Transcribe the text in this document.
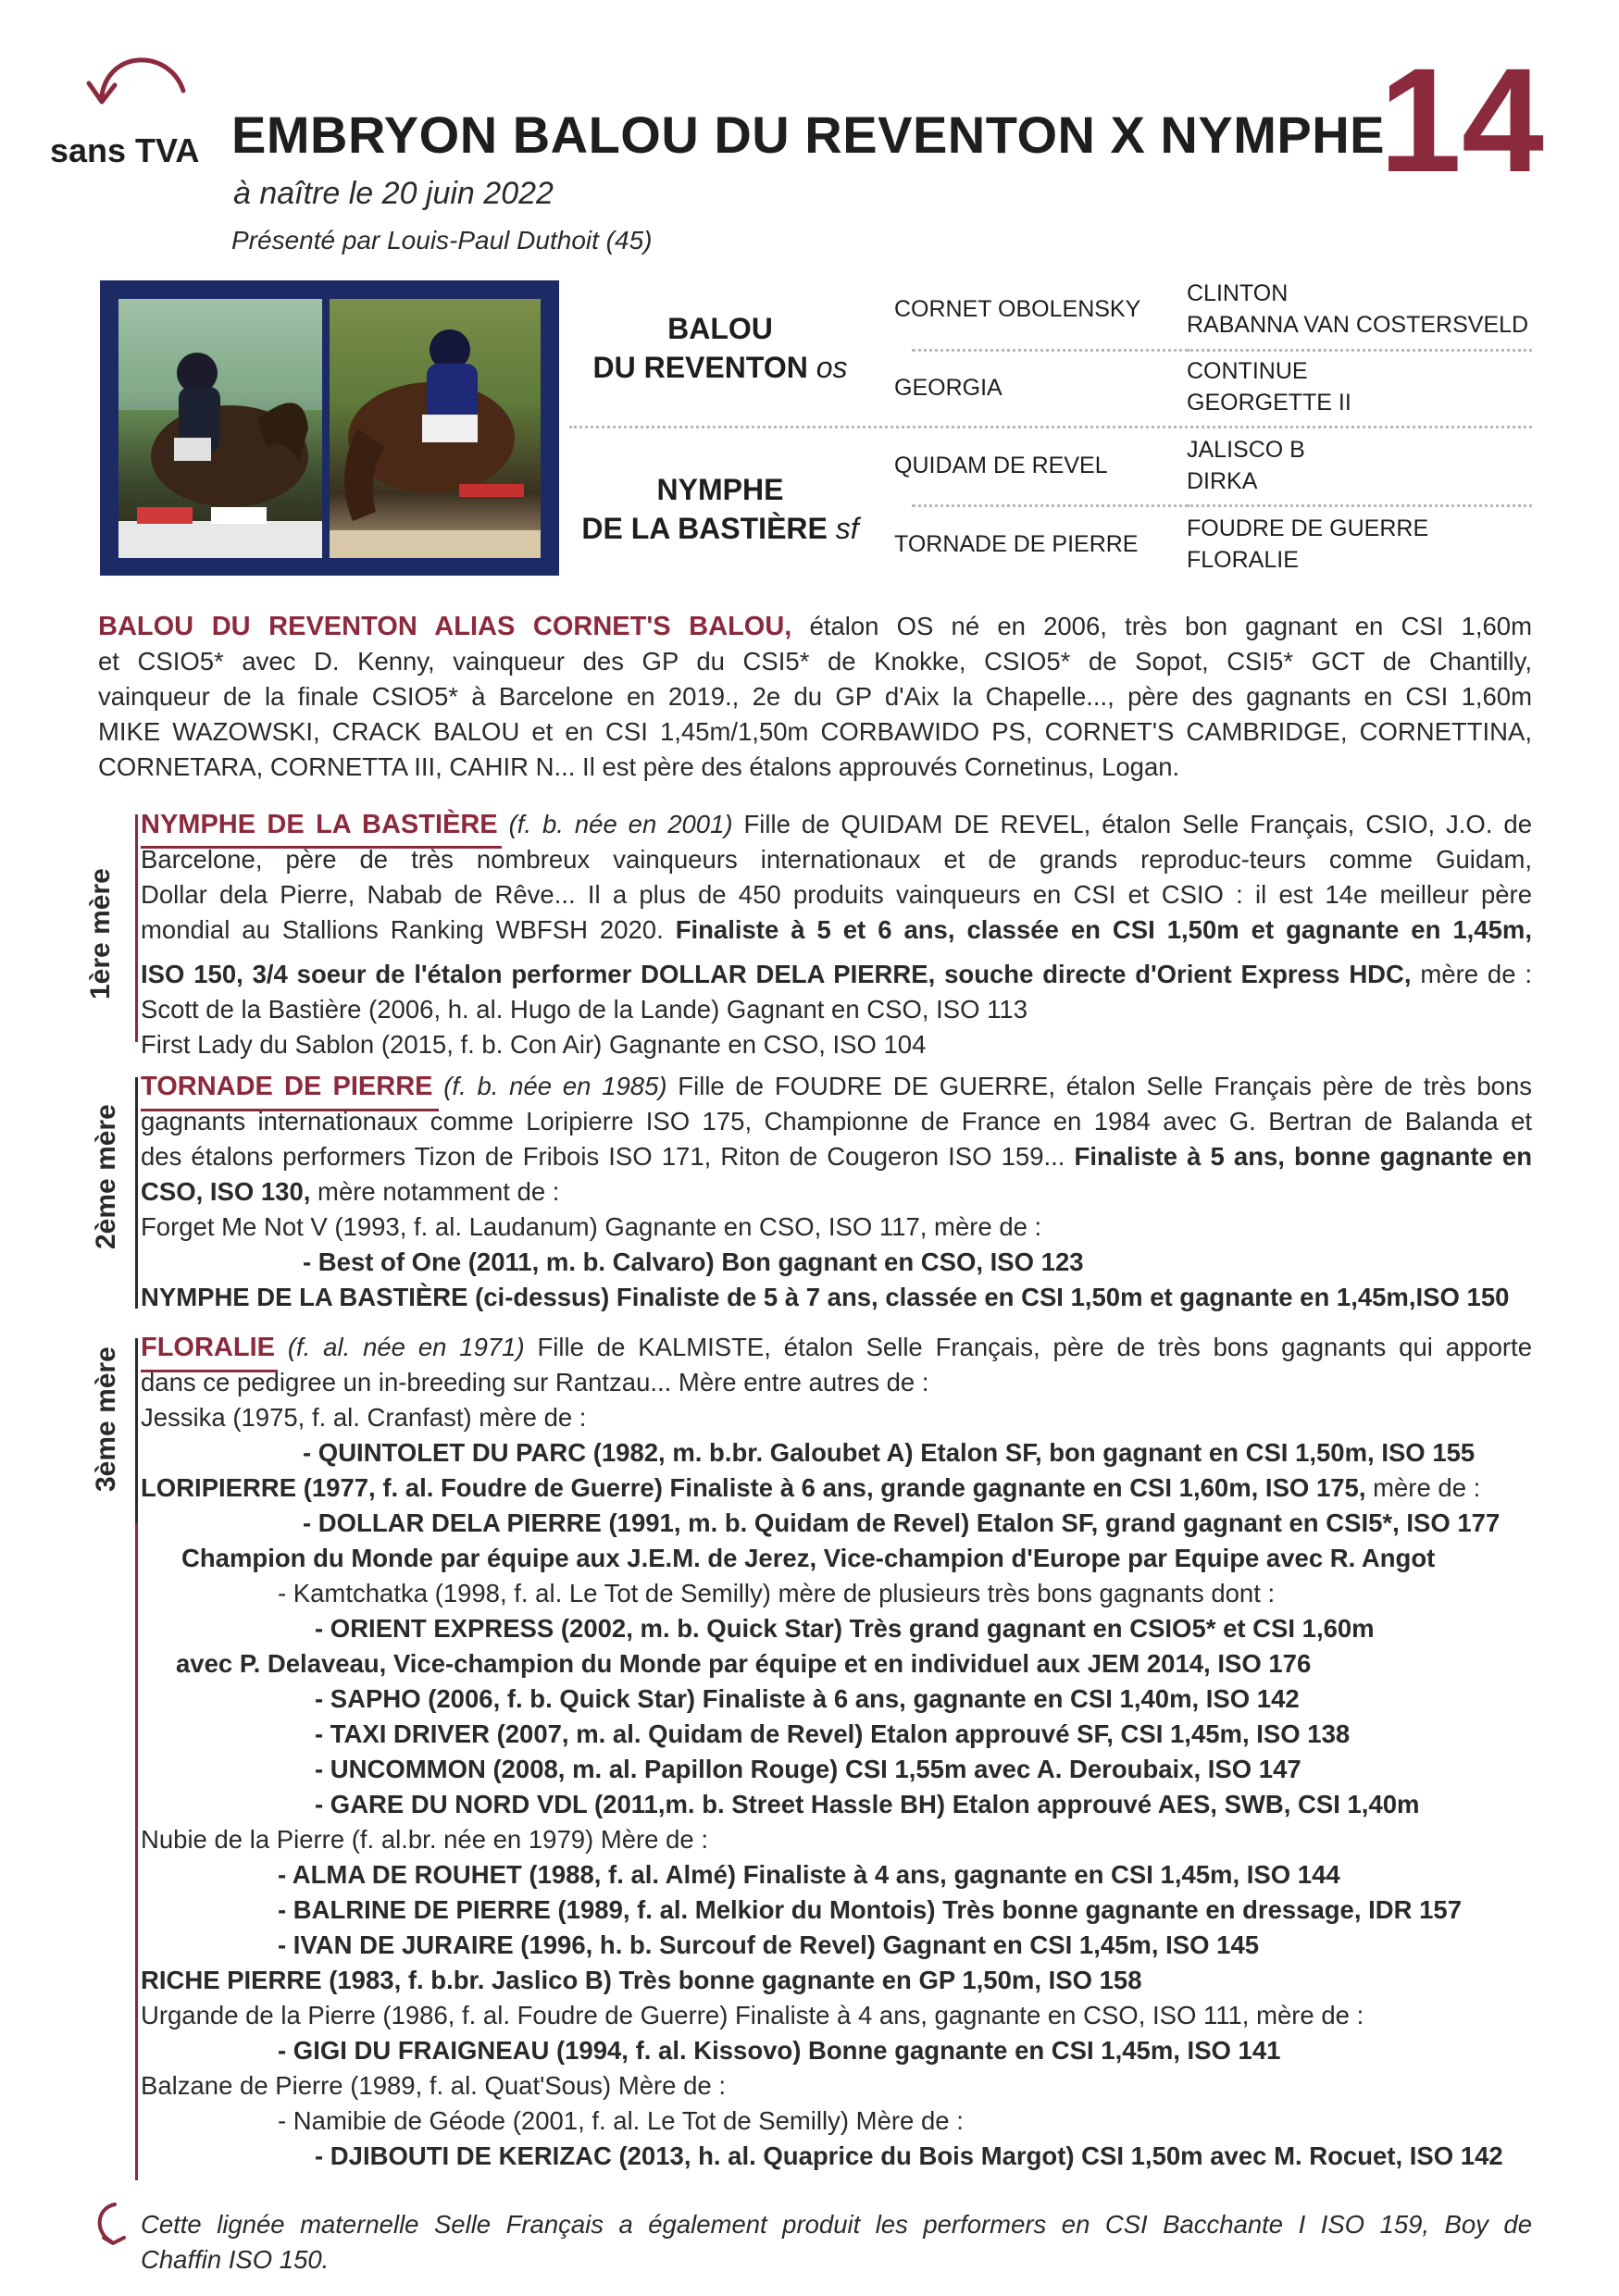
sans TVA EMBRYON BALOU DU REVENTON X NYMPHE
14
à naître le 20 juin 2022
Présenté par Louis-Paul Duthoit (45)
BALOU
DU REVENTON os
NYMPHE
DE LA BASTIÈRE sf
CORNET OBOLENSKY
GEORGIA
QUIDAM DE REVEL
TORNADE DE PIERRE
CLINTON
RABANNA VAN COSTERSVELD
CONTINUE
GEORGETTE II
JALISCO B
DIRKA
FOUDRE DE GUERRE
FLORALIE
BALOU DU REVENTON ALIAS CORNET'S BALOU, étalon OS né en 2006, très bon gagnant en CSI 1,60m
et CSIO5* avec D. Kenny, vainqueur des GP du CSI5* de Knokke, CSIO5* de Sopot, CSI5* GCT de Chantilly,
vainqueur de la finale CSIO5* à Barcelone en 2019., 2e du GP d'Aix la Chapelle..., père des gagnants en CSI 1,60m
MIKE WAZOWSKI, CRACK BALOU et en CSI 1,45m/1,50m CORBAWIDO PS, CORNET'S CAMBRIDGE, CORNETTINA,
CORNETARA, CORNETTA III, CAHIR N... Il est père des étalons approuvés Cornetinus, Logan.
1ère mère
NYMPHE DE LA BASTIÈRE (f. b. née en 2001) Fille de QUIDAM DE REVEL, étalon Selle Français, CSIO, J.O. de
Barcelone, père de très nombreux vainqueurs internationaux et de grands reproduc-teurs comme Guidam,
Dollar dela Pierre, Nabab de Rêve... Il a plus de 450 produits vainqueurs en CSI et CSIO : il est 14e meilleur père
mondial au Stallions Ranking WBFSH 2020. Finaliste à 5 et 6 ans, classée en CSI 1,50m et gagnante en 1,45m,
ISO 150, 3/4 soeur de l'étalon performer DOLLAR DELA PIERRE, souche directe d'Orient Express HDC, mère de :
Scott de la Bastière (2006, h. al. Hugo de la Lande) Gagnant en CSO, ISO 113
First Lady du Sablon (2015, f. b. Con Air) Gagnante en CSO, ISO 104
2ème mère
TORNADE DE PIERRE (f. b. née en 1985) Fille de FOUDRE DE GUERRE, étalon Selle Français père de très bons
gagnants internationaux comme Loripierre ISO 175, Championne de France en 1984 avec G. Bertran de Balanda et
des étalons performers Tizon de Fribois ISO 171, Riton de Cougeron ISO 159... Finaliste à 5 ans, bonne gagnante en
CSO, ISO 130, mère notamment de :
Forget Me Not V (1993, f. al. Laudanum) Gagnante en CSO, ISO 117, mère de :
- Best of One (2011, m. b. Calvaro) Bon gagnant en CSO, ISO 123
NYMPHE DE LA BASTIÈRE (ci-dessus) Finaliste de 5 à 7 ans, classée en CSI 1,50m et gagnante en 1,45m,ISO 150
3ème mère FLORALIE (f. al. née en 1971) Fille de KALMISTE, étalon Selle Français, père de très bons gagnants qui apporte
dans ce pedigree un in-breeding sur Rantzau... Mère entre autres de :
Jessika (1975, f. al. Cranfast) mère de :
- QUINTOLET DU PARC (1982, m. b.br. Galoubet A) Etalon SF, bon gagnant en CSI 1,50m, ISO 155
LORIPIERRE (1977, f. al. Foudre de Guerre) Finaliste à 6 ans, grande gagnante en CSI 1,60m, ISO 175, mère de :
- DOLLAR DELA PIERRE (1991, m. b. Quidam de Revel) Etalon SF, grand gagnant en CSI5*, ISO 177
Champion du Monde par équipe aux J.E.M. de Jerez, Vice-champion d'Europe par Equipe avec R. Angot
- Kamtchatka (1998, f. al. Le Tot de Semilly) mère de plusieurs très bons gagnants dont :
- ORIENT EXPRESS (2002, m. b. Quick Star) Très grand gagnant en CSIO5* et CSI 1,60m
avec P. Delaveau, Vice-champion du Monde par équipe et en individuel aux JEM 2014, ISO 176
- SAPHO (2006, f. b. Quick Star) Finaliste à 6 ans, gagnante en CSI 1,40m, ISO 142
- TAXI DRIVER (2007, m. al. Quidam de Revel) Etalon approuvé SF, CSI 1,45m, ISO 138
- UNCOMMON (2008, m. al. Papillon Rouge) CSI 1,55m avec A. Deroubaix, ISO 147
- GARE DU NORD VDL (2011,m. b. Street Hassle BH) Etalon approuvé AES, SWB, CSI 1,40m
Nubie de la Pierre (f. al.br. née en 1979) Mère de :
- ALMA DE ROUHET (1988, f. al. Almé) Finaliste à 4 ans, gagnante en CSI 1,45m, ISO 144
- BALRINE DE PIERRE (1989, f. al. Melkior du Montois) Très bonne gagnante en dressage, IDR 157
- IVAN DE JURAIRE (1996, h. b. Surcouf de Revel) Gagnant en CSI 1,45m, ISO 145
RICHE PIERRE (1983, f. b.br. Jaslico B) Très bonne gagnante en GP 1,50m, ISO 158
Urgande de la Pierre (1986, f. al. Foudre de Guerre) Finaliste à 4 ans, gagnante en CSO, ISO 111, mère de :
- GIGI DU FRAIGNEAU (1994, f. al. Kissovo) Bonne gagnante en CSI 1,45m, ISO 141
Balzane de Pierre (1989, f. al. Quat'Sous) Mère de :
- Namibie de Géode (2001, f. al. Le Tot de Semilly) Mère de :
- DJIBOUTI DE KERIZAC (2013, h. al. Quaprice du Bois Margot) CSI 1,50m avec M. Rocuet, ISO 142
Cette lignée maternelle Selle Français a également produit les performers en CSI Bacchante I ISO 159, Boy de
Chaffin ISO 150.
